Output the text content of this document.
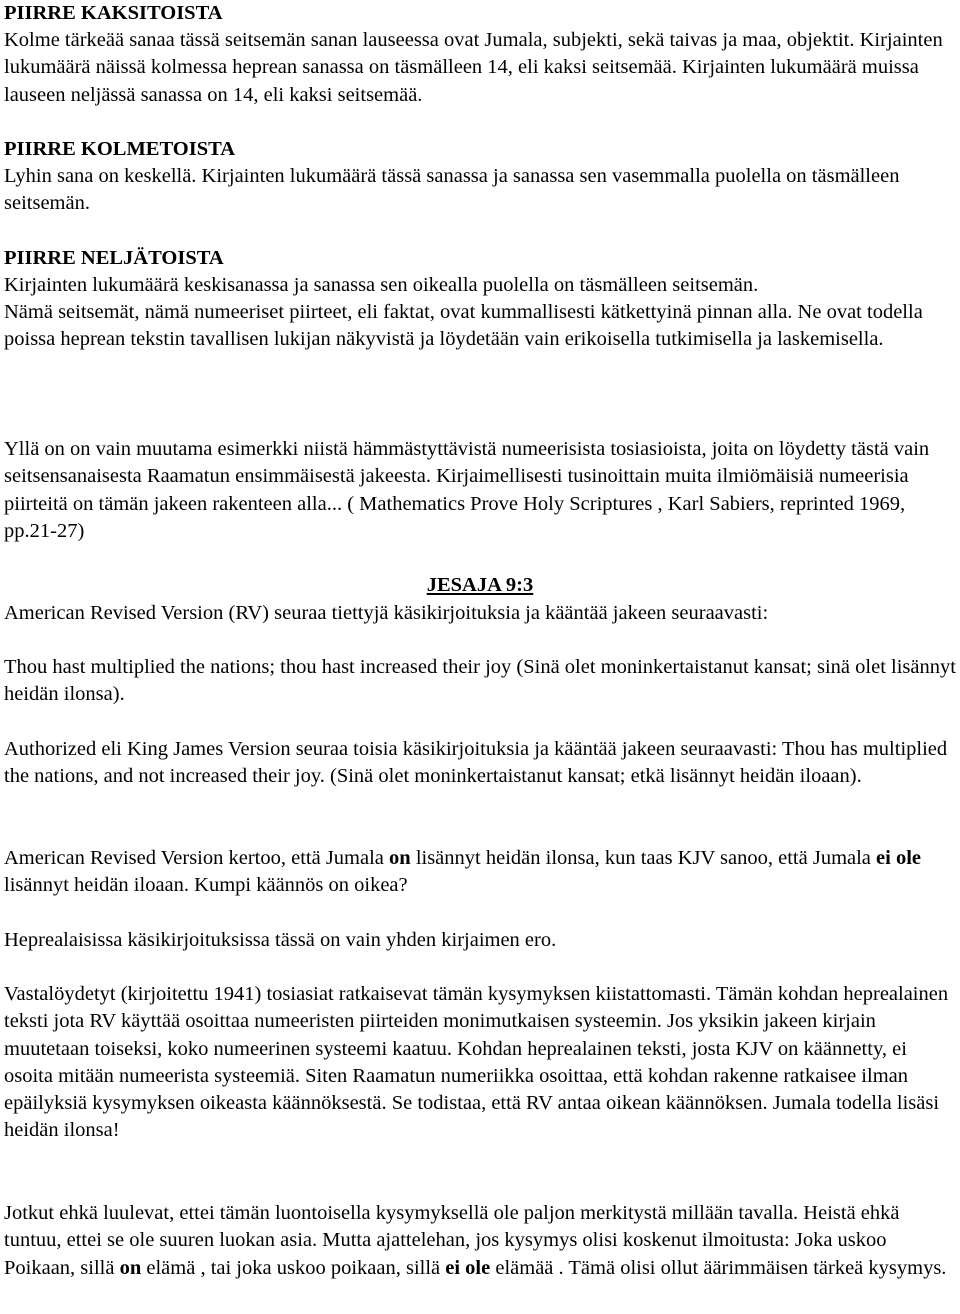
PIIRRE KAKSITOISTA
Kolme tärkeää sanaa tässä seitsemän sanan lauseessa ovat Jumala, subjekti, sekä taivas ja maa, objektit. Kirjainten lukumäärä näissä kolmessa heprean sanassa on täsmälleen 14, eli kaksi seitsemää. Kirjainten lukumäärä muissa lauseen neljässä sanassa on 14, eli kaksi seitsemää.
PIIRRE KOLMETOISTA
Lyhin sana on keskellä. Kirjainten lukumäärä tässä sanassa ja sanassa sen vasemmalla puolella on täsmälleen seitsemän.
PIIRRE NELJÄTOISTA
Kirjainten lukumäärä keskisanassa ja sanassa sen oikealla puolella on täsmälleen seitsemän.
Nämä seitsemät, nämä numeeriset piirteet, eli faktat, ovat kummallisesti kätkettyinä pinnan alla. Ne ovat todella poissa heprean tekstin tavallisen lukijan näkyvistä ja löydetään vain erikoisella tutkimisella ja laskemisella.
Yllä on on vain muutama esimerkki niistä hämmästyttävistä numeerisista tosiasioista, joita on löydetty tästä vain seitsensanaisesta Raamatun ensimmäisestä jakeesta. Kirjaimellisesti tusinoittain muita ilmiömäisiä numeerisia piirteitä on tämän jakeen rakenteen alla... ( Mathematics Prove Holy Scriptures , Karl Sabiers, reprinted 1969, pp.21-27)
JESAJA 9:3
American Revised Version (RV) seuraa tiettyjä käsikirjoituksia ja kääntää jakeen seuraavasti:
Thou hast multiplied the nations; thou hast increased their joy (Sinä olet moninkertaistanut kansat; sinä olet lisännyt heidän ilonsa).
Authorized eli King James Version seuraa toisia käsikirjoituksia ja kääntää jakeen seuraavasti: Thou has multiplied the nations, and not increased their joy. (Sinä olet moninkertaistanut kansat; etkä lisännyt heidän iloaan).
American Revised Version kertoo, että Jumala on lisännyt heidän ilonsa, kun taas KJV sanoo, että Jumala ei ole lisännyt heidän iloaan. Kumpi käännös on oikea?
Heprealaisissa käsikirjoituksissa tässä on vain yhden kirjaimen ero.
Vastalöydetyt (kirjoitettu 1941) tosiasiat ratkaisevat tämän kysymyksen kiistattomasti. Tämän kohdan heprealainen teksti jota RV käyttää osoittaa numeeristen piirteiden monimutkaisen systeemin. Jos yksikin jakeen kirjain muutetaan toiseksi, koko numeerinen systeemi kaatuu. Kohdan heprealainen teksti, josta KJV on käännetty, ei osoita mitään numeerista systeemiä. Siten Raamatun numeriikka osoittaa, että kohdan rakenne ratkaisee ilman epäilyksiä kysymyksen oikeasta käännöksestä. Se todistaa, että RV antaa oikean käännöksen. Jumala todella lisäsi heidän ilonsa!
Jotkut ehkä luulevat, ettei tämän luontoisella kysymyksellä ole paljon merkitystä millään tavalla. Heistä ehkä tuntuu, ettei se ole suuren luokan asia. Mutta ajattelehan, jos kysymys olisi koskenut ilmoitusta: Joka uskoo Poikaan, sillä on elämä , tai joka uskoo poikaan, sillä ei ole elämää . Tämä olisi ollut äärimmäisen tärkeä kysymys.
